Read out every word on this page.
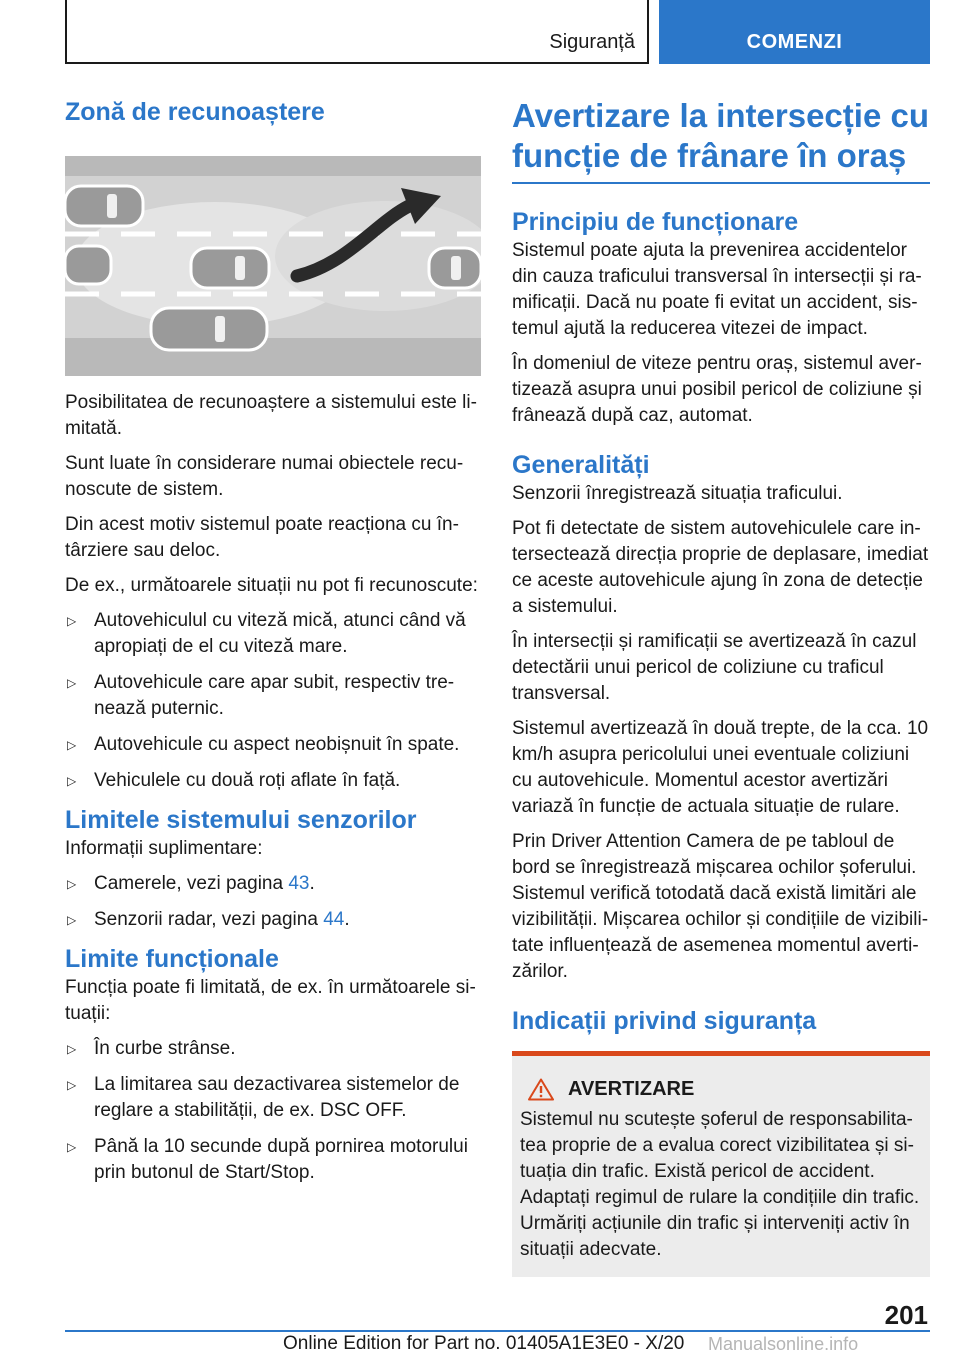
Siguranță	COMENZI
Zonă de recunoaștere

Posibilitatea de recunoaștere a sistemului este limitată.

Sunt luate în considerare numai obiectele recunoscute de sistem.

Din acest motiv sistemul poate reacționa cu întârziere sau deloc.

De ex., următoarele situații nu pot fi recunoscute:

▷ Autovehiculul cu viteză mică, atunci când vă apropiați de el cu viteză mare.
▷ Autovehicule care apar subit, respectiv trenează puternic.
▷ Autovehicule cu aspect neobișnuit în spate.
▷ Vehiculele cu două roți aflate în față.
Limitele sistemului senzorilor

Informații suplimentare:

▷ Camerele, vezi pagina 43.
▷ Senzorii radar, vezi pagina 44.
Limite funcționale

Funcția poate fi limitată, de ex. în următoarele situații:

▷ În curbe strânse.
▷ La limitarea sau dezactivarea sistemelor de reglare a stabilității, de ex. DSC OFF.
▷ Până la 10 secunde după pornirea motorului prin butonul de Start/Stop.
Avertizare la intersecție cu funcție de frânare în oraș
Principiu de funcționare

Sistemul poate ajuta la prevenirea accidentelor din cauza traficului transversal în intersecții și ramificații. Dacă nu poate fi evitat un accident, sistemul ajută la reducerea vitezei de impact.

În domeniul de viteze pentru oraș, sistemul avertizează asupra unui posibil pericol de coliziune și frânează după caz, automat.

Generalități

Senzorii înregistrează situația traficului.

Pot fi detectate de sistem autovehiculele care intersectează direcția proprie de deplasare, imediat ce aceste autovehicule ajung în zona de detecție a sistemului.

În intersecții și ramificații se avertizează în cazul detectării unui pericol de coliziune cu traficul transversal.

Sistemul avertizează în două trepte, de la cca. 10 km/h asupra pericolului unei eventuale coliziuni cu autovehicule. Momentul acestor avertizări variază în funcție de actuala situație de rulare.

Prin Driver Attention Camera de pe tabloul de bord se înregistrează mișcarea ochilor șoferului. Sistemul verifică totodată dacă există limitări ale vizibilității. Mișcarea ochilor și condițiile de vizibilitate influențează de asemenea momentul avertizărilor.

Indicații privind siguranța
AVERTIZARE

Sistemul nu scutește șoferul de responsabilitatea proprie de a evalua corect vizibilitatea și situația din trafic. Există pericol de accident. Adaptați regimul de rulare la condițiile din trafic. Urmăriți acțiunile din trafic și interveniți activ în situații adecvate.

201
Online Edition for Part no. 01405A1E3E0 - X/20 Manualsonline.info
